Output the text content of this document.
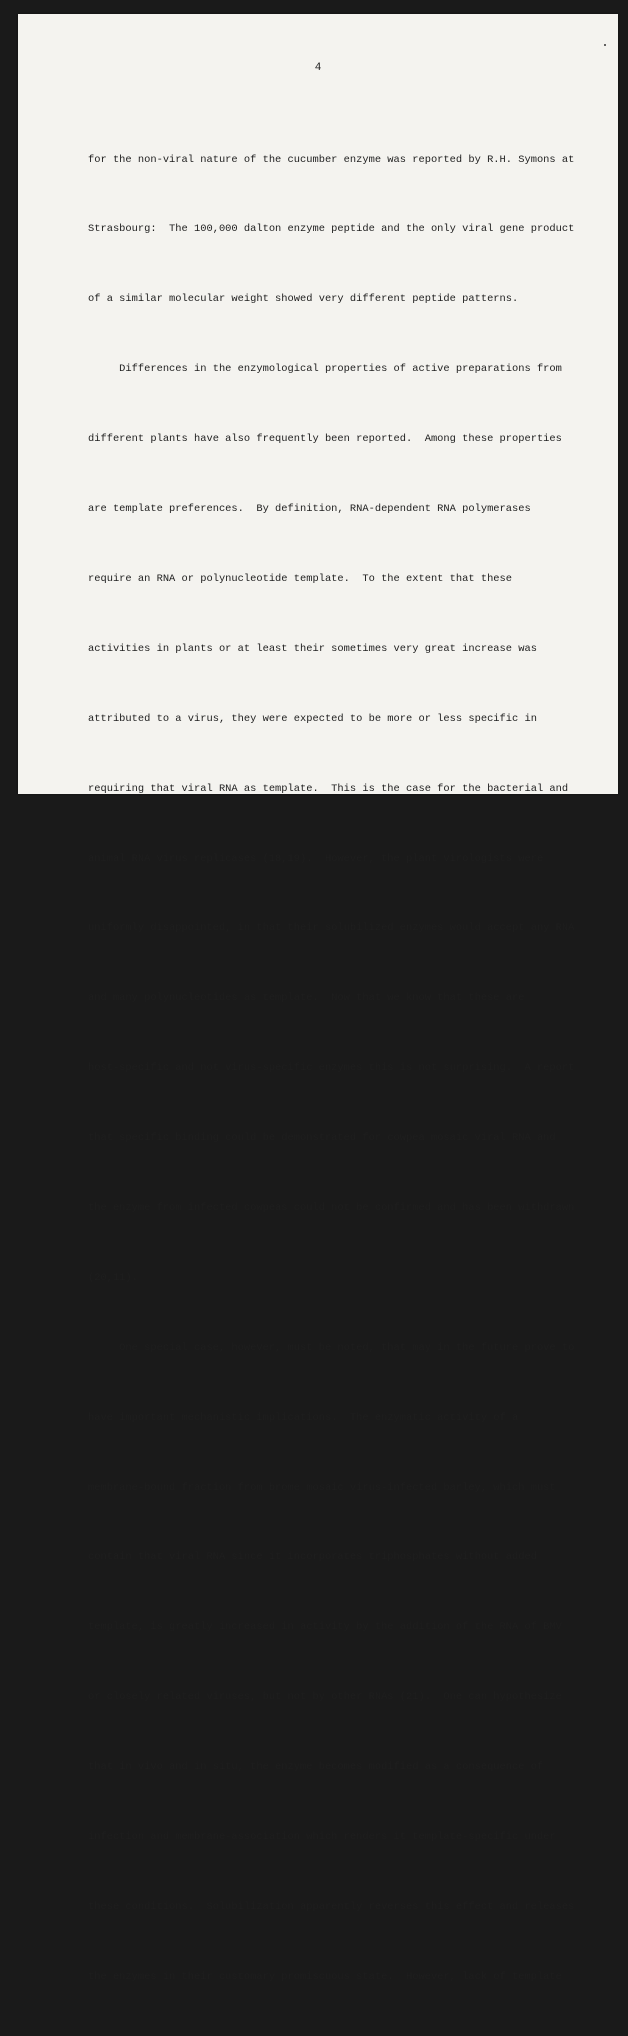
4

for the non-viral nature of the cucumber enzyme was reported by R.H. Symons at

Strasbourg:  The 100,000 dalton enzyme peptide and the only viral gene product

of a similar molecular weight showed very different peptide patterns.

Differences in the enzymological properties of active preparations from

different plants have also frequently been reported.  Among these properties

are template preferences.  By definition, RNA-dependent RNA polymerases

require an RNA or polynucleotide template.  To the extent that these

activities in plants or at least their sometimes very great increase was

attributed to a virus, they were expected to be more or less specific in

requiring that viral RNA as template.  This is the case for the bacterial and

animal RNA virus replicases (18,19).  However, the plant virologists were

uniformly disappointed, in that their solubilized enzymes would accept any RNA

and many polynucleotides as template.  Now that we know that these are

host-specific and not virus-specific enzymes this is not surprising.  A report

that specific binding could be demonstrated for cowpea mosaic viral RNA and

the enzyme from infected cowpeas could not be confirmed and has been withdrawn

(20,11).

One special case, however, must be noted, that may in the future prove to

have important mechanistic implications.  The enzymatic activity of a

membrane-bound fraction from brome mosaic virus-infected barley, which must

contain that viral RNA since it incorporates triphosphates without added

template, is greatly increased in activity by the addition of the RNA of BMV

or closely related viruses, but not by other RNAs (21).  One can hypothesize

that in vivo and in situ, the enzyme becomes modified as a consequence of

infection and membrane-association which renders it template-specific under

these conditions.  Solubilization apparently reverses this effect and releases

the enzymes in their customary promiscuous state.  However, lack of template
